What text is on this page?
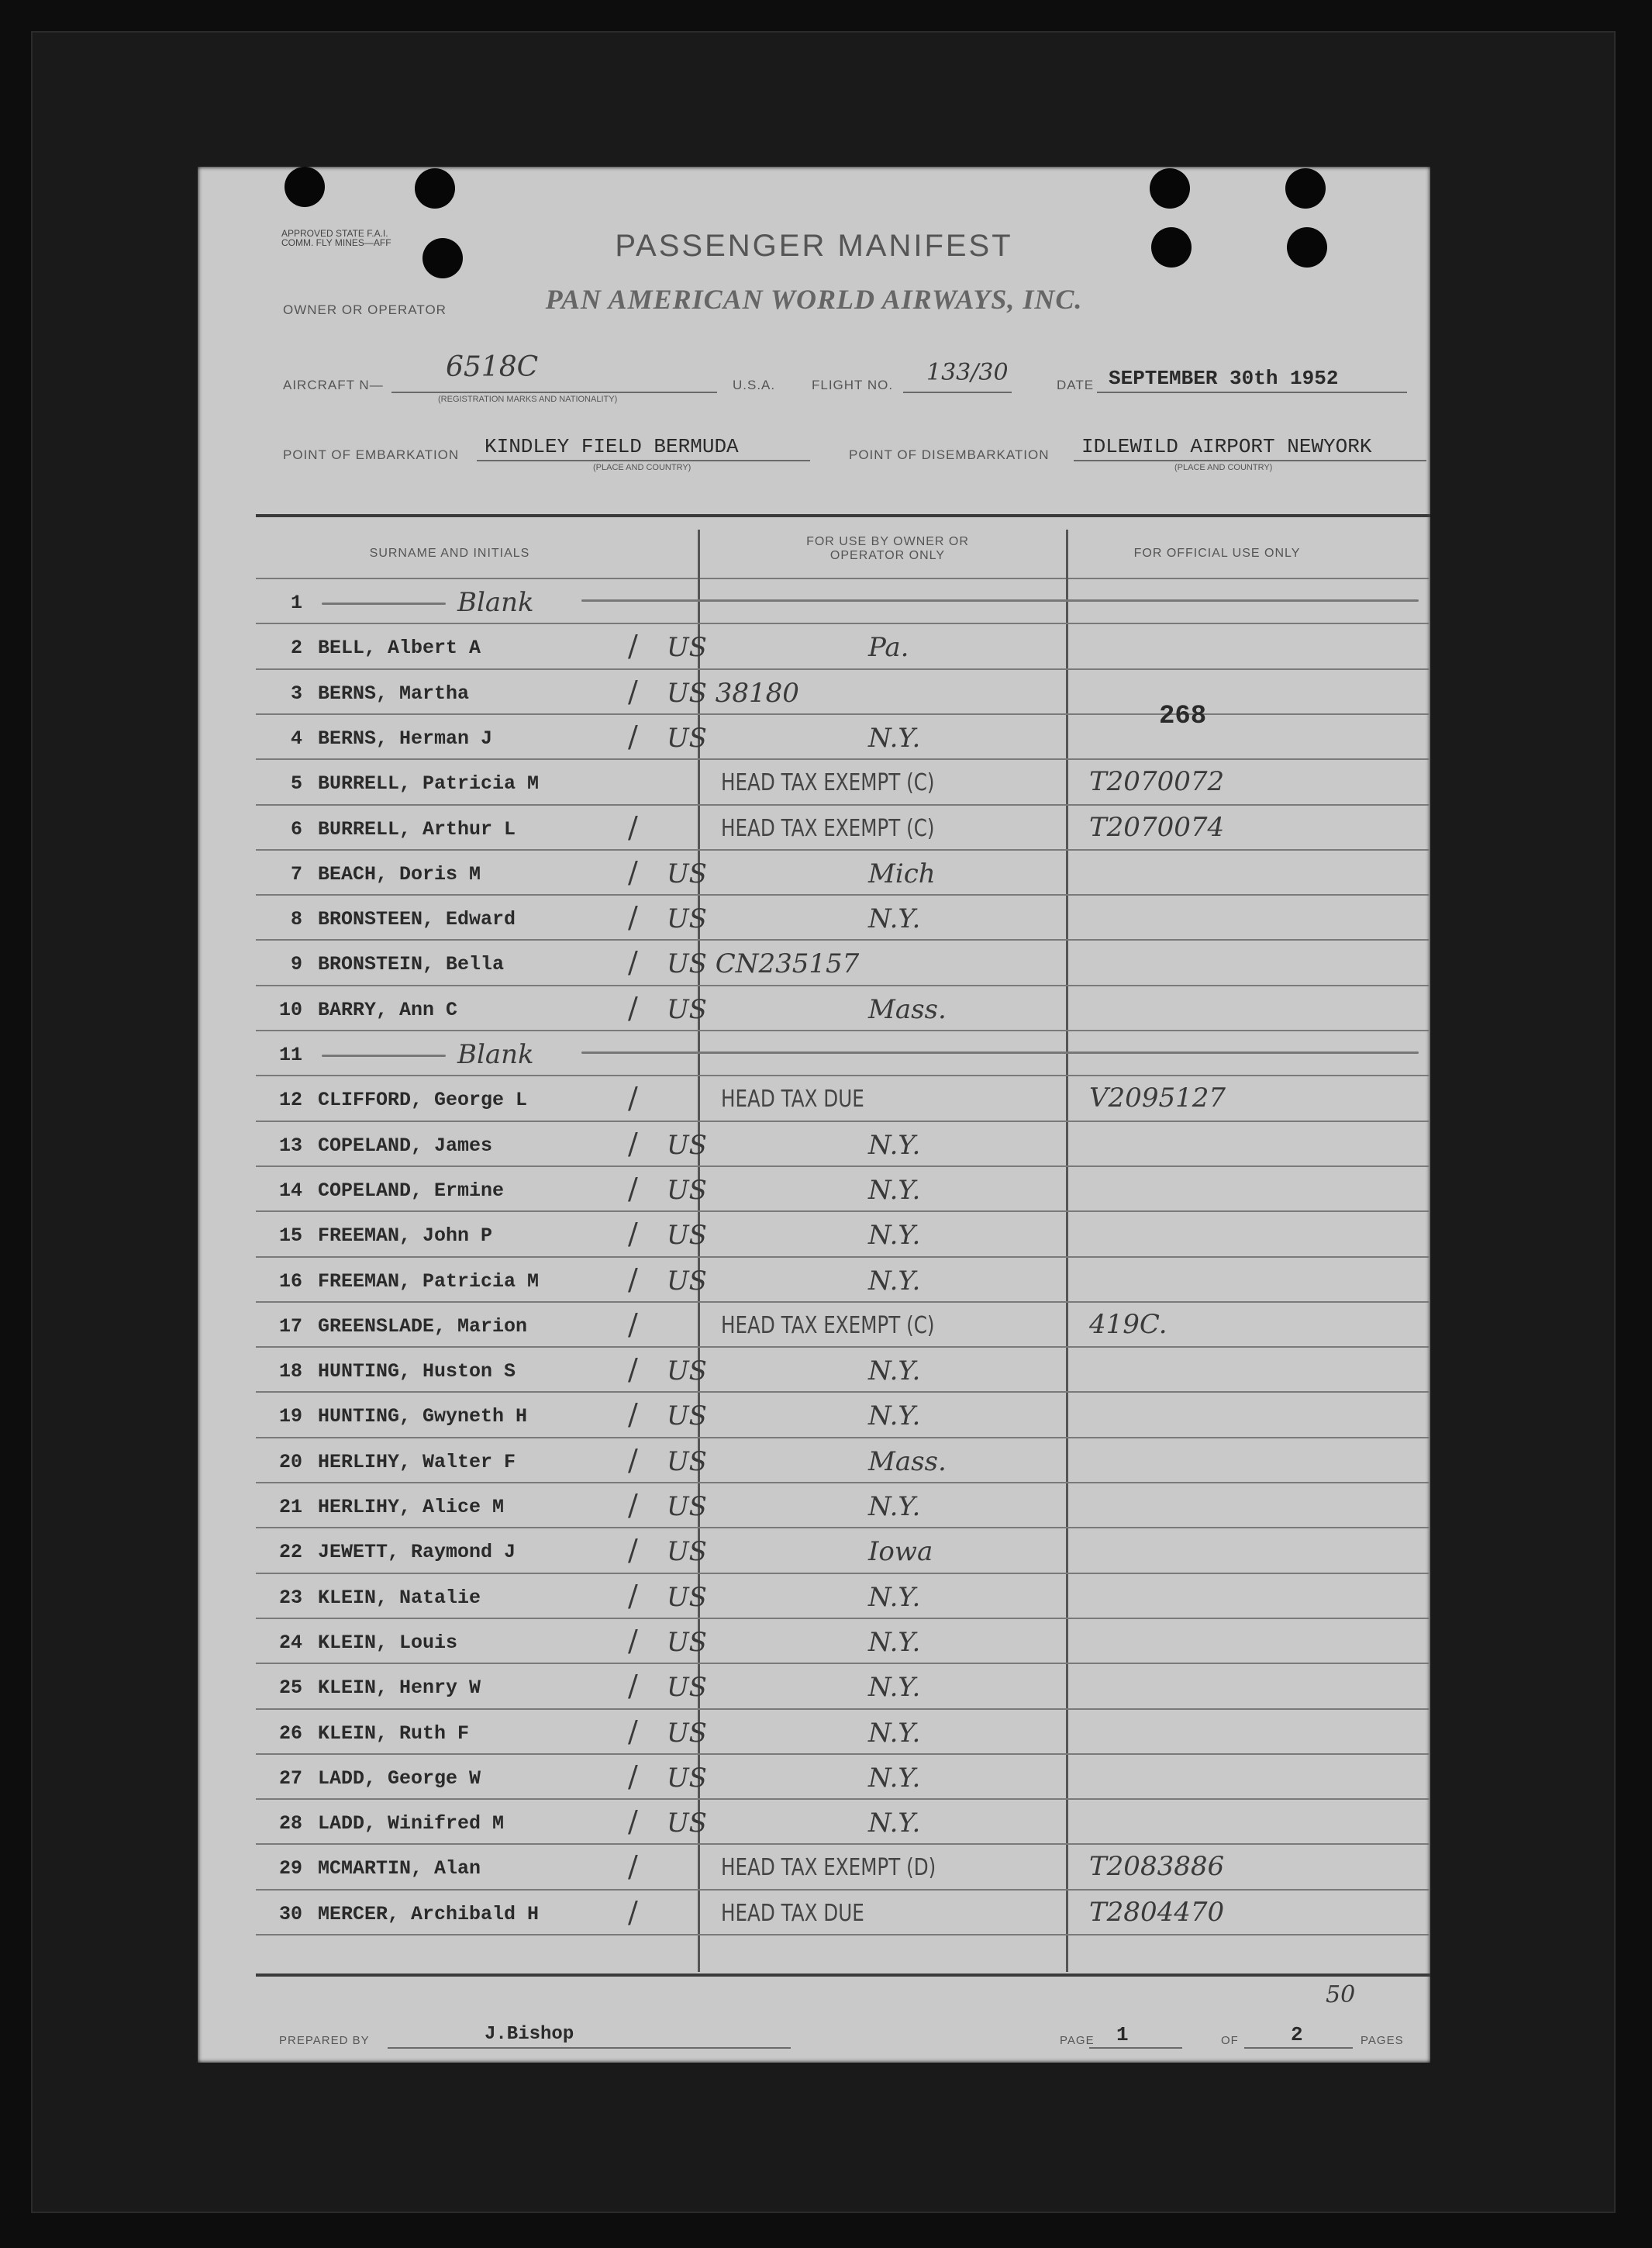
APPROVED STATE F.A.I. COMM. FLY MINES—AFF	PASSENGER MANIFEST
OWNER OR OPERATOR	PAN AMERICAN WORLD AIRWAYS, INC.
AIRCRAFT N—
6518C
(REGISTRATION MARKS AND NATIONALITY)
U.S.A.	FLIGHT NO. 133/30	DATE SEPTEMBER 30th 1952
POINT OF EMBARKATION KINDLEY FIELD BERMUDA
(PLACE AND COUNTRY)
POINT OF DISEMBARKATION IDLEWILD AIRPORT NEWYORK
(PLACE AND COUNTRY)
SURNAME AND INITIALS
FOR USE BY OWNER OR OPERATOR ONLY	FOR OFFICIAL USE ONLY
1	Blank
2 BELL, Albert A	/ US	Pa.
3 BERNS, Martha	/ US 38180
4 BERNS, Herman J	/ US	N.Y.
5 BURRELL, Patricia M	HEAD TAX EXEMPT (C)	T2070072
6 BURRELL, Arthur L	/	HEAD TAX EXEMPT (C)	T2070074
7 BEACH, Doris M	/ US	Mich
8 BRONSTEEN, Edward	/ US	N.Y.
9 BRONSTEIN, Bella	/ US CN235157
10 BARRY, Ann C	/ US	Mass.
11	Blank
12 CLIFFORD, George L	/	HEAD TAX DUE	V2095127
13 COPELAND, James	/ US	N.Y.
14 COPELAND, Ermine	/ US	N.Y.
15 FREEMAN, John P	/ US	N.Y.
16 FREEMAN, Patricia M	/ US	N.Y.
17 GREENSLADE, Marion	/	HEAD TAX EXEMPT (C)	419C.
18 HUNTING, Huston S	/ US	N.Y.
19 HUNTING, Gwyneth H	/ US	N.Y.
20 HERLIHY, Walter F	/ US	Mass.
21 HERLIHY, Alice M	/ US	N.Y.
22 JEWETT, Raymond J	/ US	Iowa
23 KLEIN, Natalie	/ US	N.Y.
24 KLEIN, Louis	/ US	N.Y.
25 KLEIN, Henry W	/ US	N.Y.
26 KLEIN, Ruth F	/ US	N.Y.
27 LADD, George W	/ US	N.Y.
28 LADD, Winifred M	/ US	N.Y.
29 MCMARTIN, Alan	/	HEAD TAX EXEMPT (D)	T2083886
30 MERCER, Archibald H	/	HEAD TAX DUE	T2804470
268
PREPARED BY	J.Bishop	PAGE 1	OF	2	PAGES
50
